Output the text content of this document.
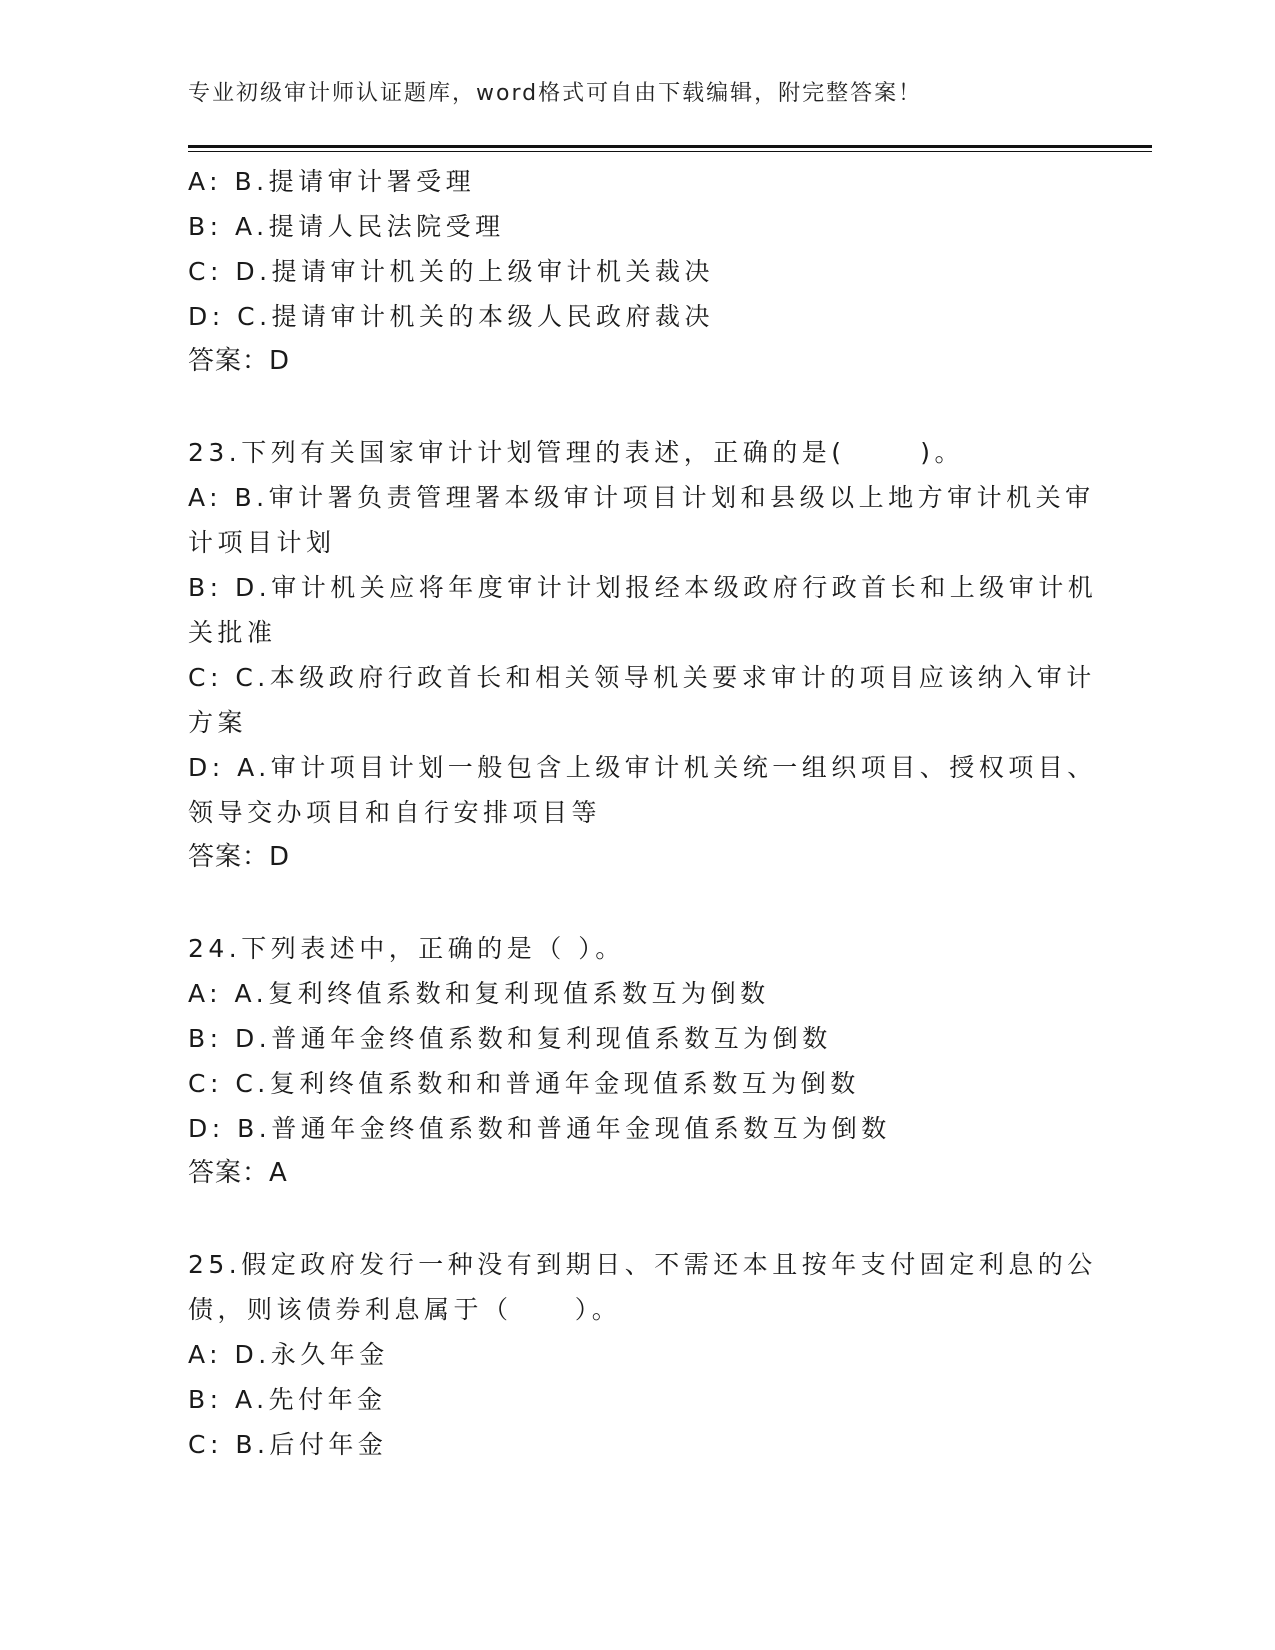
专业初级审计师认证题库，word格式可自由下载编辑，附完整答案！

A: B.提请审计署受理

B: A.提请人民法院受理

C: D.提请审计机关的上级审计机关裁决

D: C.提请审计机关的本级人民政府裁决

答案：D

23.下列有关国家审计计划管理的表述，正确的是(      )。

A: B.审计署负责管理署本级审计项目计划和县级以上地方审计机关审

计项目计划

B: D.审计机关应将年度审计计划报经本级政府行政首长和上级审计机

关批准

C: C.本级政府行政首长和相关领导机关要求审计的项目应该纳入审计

方案

D: A.审计项目计划一般包含上级审计机关统一组织项目、授权项目、

领导交办项目和自行安排项目等

答案：D

24.下列表述中，正确的是（ ）。

A: A.复利终值系数和复利现值系数互为倒数

B: D.普通年金终值系数和复利现值系数互为倒数

C: C.复利终值系数和和普通年金现值系数互为倒数

D: B.普通年金终值系数和普通年金现值系数互为倒数

答案：A

25.假定政府发行一种没有到期日、不需还本且按年支付固定利息的公

债，则该债券利息属于（     ）。

A: D.永久年金

B: A.先付年金

C: B.后付年金
